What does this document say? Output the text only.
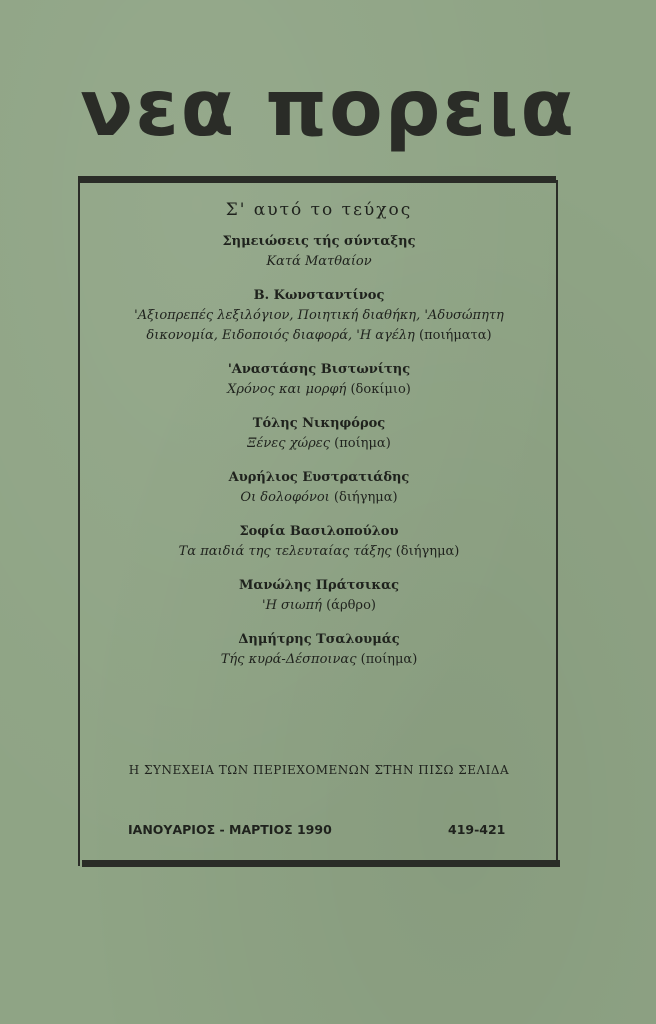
νεα πορεια

Σ' αυτό το τεύχος

Σημειώσεις τής σύνταξης

Κατά Ματθαίον

Β. Κωνσταντίνος

'Αξιοπρεπές λεξιλόγιον, Ποιητική διαθήκη, 'Αδυσώπητη

δικονομία, Ειδοποιός διαφορά, 'Η αγέλη (ποιήματα)

'Αναστάσης Βιστωνίτης

Χρόνος και μορφή (δοκίμιο)

Τόλης Νικηφόρος

Ξένες χώρες (ποίημα)

Αυρήλιος Ευστρατιάδης

Οι δολοφόνοι (διήγημα)

Σοφία Βασιλοπούλου

Τα παιδιά της τελευταίας τάξης (διήγημα)

Μανώλης Πράτσικας

'Η σιωπή (άρθρο)

Δημήτρης Τσαλουμάς

Τής κυρά-Δέσποινας (ποίημα)

Η ΣΥΝΕΧΕΙΑ ΤΩΝ ΠΕΡΙΕΧΟΜΕΝΩΝ ΣΤΗΝ ΠΙΣΩ ΣΕΛΙΔΑ
ΙΑΝΟΥΑΡΙΟΣ - ΜΑΡΤΙΟΣ 1990	419-421
